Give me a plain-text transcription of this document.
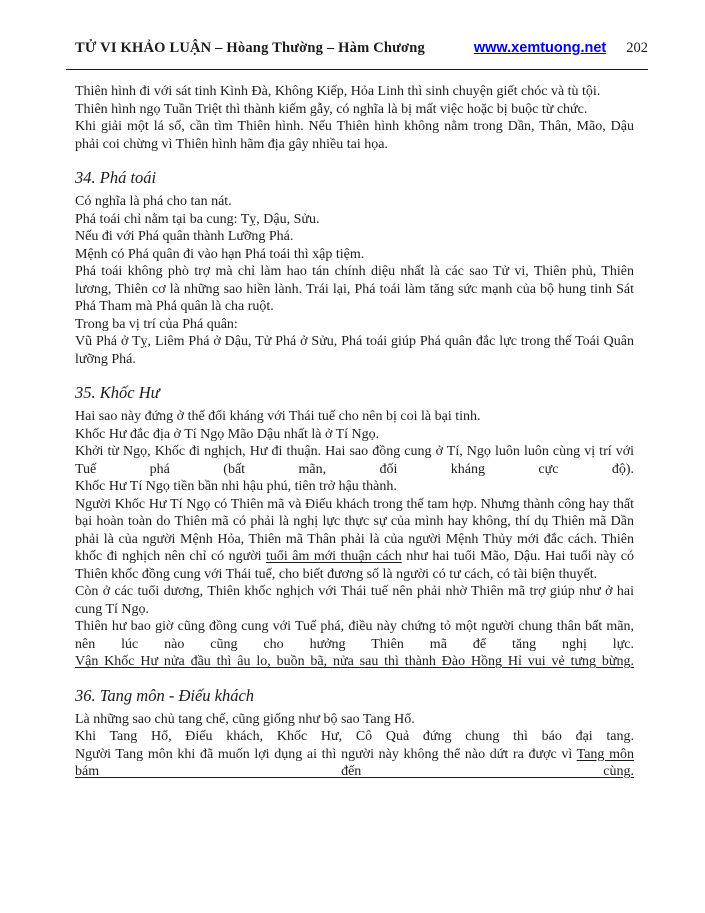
TỬ VI KHẢO LUẬN – Hòang Thường – Hàm Chương	www.xemtuong.net 202
Thiên hình đi với sát tinh Kình Đà, Không Kiếp, Hỏa Linh thì sinh chuyện giết chóc và tù tội.
Thiên hình ngọ Tuần Triệt thì thành kiếm gẫy, có nghĩa là bị mất việc hoặc bị buộc từ chức.
Khi giải một lá số, cần tìm Thiên hình. Nếu Thiên hình không nằm trong Dần, Thân, Mão, Dậu phải coi chừng vì Thiên hình hãm địa gây nhiều tai họa.
34. Phá toái
Có nghĩa là phá cho tan nát.
Phá toái chỉ nằm tại ba cung: Tỵ, Dậu, Sửu.
Nếu đi với Phá quân thành Lưỡng Phá.
Mệnh có Phá quân đi vào hạn Phá toái thì xập tiệm.
Phá toái không phò trợ mà chỉ làm hao tán chính diệu nhất là các sao Tử vi, Thiên phủ, Thiên lương, Thiên cơ là những sao hiền lành. Trái lại, Phá toái làm tăng sức mạnh của bộ hung tinh Sát Phá Tham mà Phá quân là cha ruột.
Trong ba vị trí của Phá quân:
Vũ Phá ở Tỵ, Liêm Phá ở Dậu, Tử Phá ở Sửu, Phá toái giúp Phá quân đắc lực trong thế Toái Quân lưỡng Phá.
35. Khốc Hư
Hai sao này đứng ở thế đối kháng với Thái tuế cho nên bị coi là bại tinh.
Khốc Hư đắc địa ở Tí Ngọ Mão Dậu nhất là ở Tí Ngọ.
Khởi từ Ngọ, Khốc đi nghịch, Hư đi thuận. Hai sao đồng cung ở Tí, Ngọ luôn luôn cùng vị trí với
Tuế phá (bất mãn, đối kháng cực độ).
Khốc Hư Tí Ngọ tiền bần nhi hậu phú, tiên trở hậu thành.
Người Khốc Hư Tí Ngọ có Thiên mã và Điếu khách trong thế tam hợp. Nhưng thành công hay thất bại hoàn toàn do Thiên mã có phải là nghị lực thực sự của mình hay không, thí dụ Thiên mã Dần phải là của người Mệnh Hỏa, Thiên mã Thân phải là của người Mệnh Thủy mới đắc cách. Thiên khốc đi nghịch nên chỉ có người tuổi âm mới thuận cách như hai tuổi Mão, Dậu. Hai tuổi này có Thiên khốc đồng cung với Thái tuế, cho biết đương số là người có tư cách, có tài biện thuyết.
Còn ở các tuổi dương, Thiên khốc nghịch với Thái tuế nên phải nhờ Thiên mã trợ giúp như ở hai cung Tí Ngọ.
Thiên hư bao giờ cũng đồng cung với Tuế phá, điều này chứng tỏ một người chung thân bất mãn,
nên lúc nào cũng cho hưởng Thiên mã để tăng nghị lực.
Vận Khốc Hư nửa đầu thì âu lo, buồn bã, nửa sau thì thành Đào Hồng Hỉ vui vẻ tưng bừng.
36. Tang môn - Điếu khách
Là những sao chủ tang chế, cũng giống như bộ sao Tang Hổ.
Khi Tang Hổ, Điếu khách, Khốc Hư, Cô Quả đứng chung thì báo đại tang.
Người Tang môn khi đã muốn lợi dụng ai thì người này không thể nào dứt ra được vì Tang môn
bám đến cùng.
